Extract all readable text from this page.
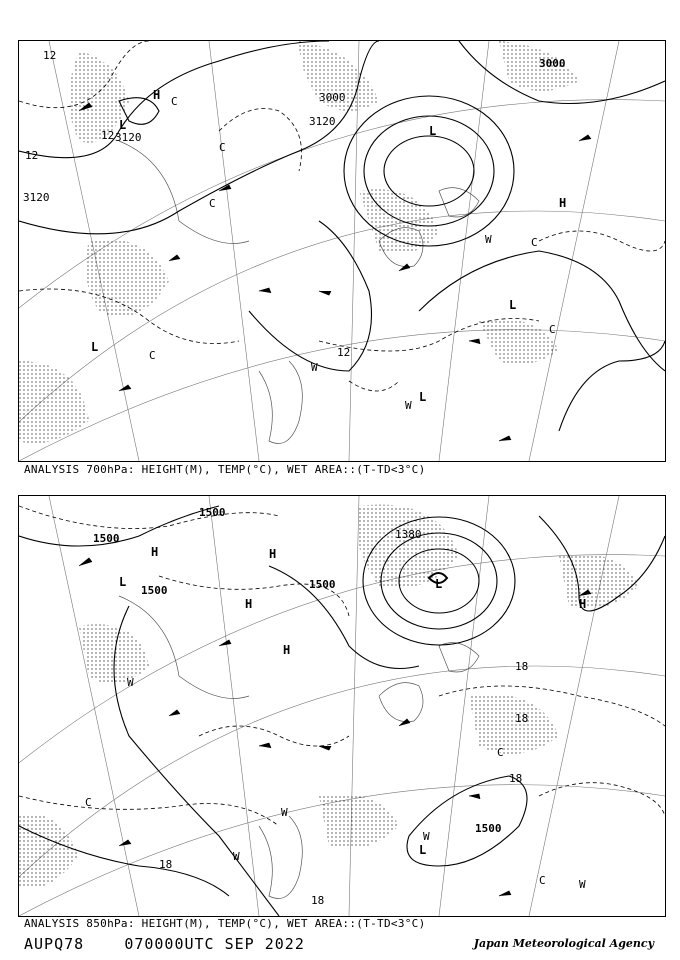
12
12
3120
3120
3120
3000
3000
12
12
H
L	L
L
L
L
H
C
C
C
C
C
C
W
W
W
ANALYSIS 700hPa: HEIGHT(M), TEMP(°C), WET AREA::(T-TD<3°C)
1500
1500
1500	1500
1500
1380
18
18
18
18
18
H
H
H
H
H
L	L
L
W
W
W
W
W
C
C
C
ANALYSIS 850hPa: HEIGHT(M), TEMP(°C), WET AREA::(T-TD<3°C)
AUPQ78	070000UTC SEP 2022	Japan Meteorological Agency
